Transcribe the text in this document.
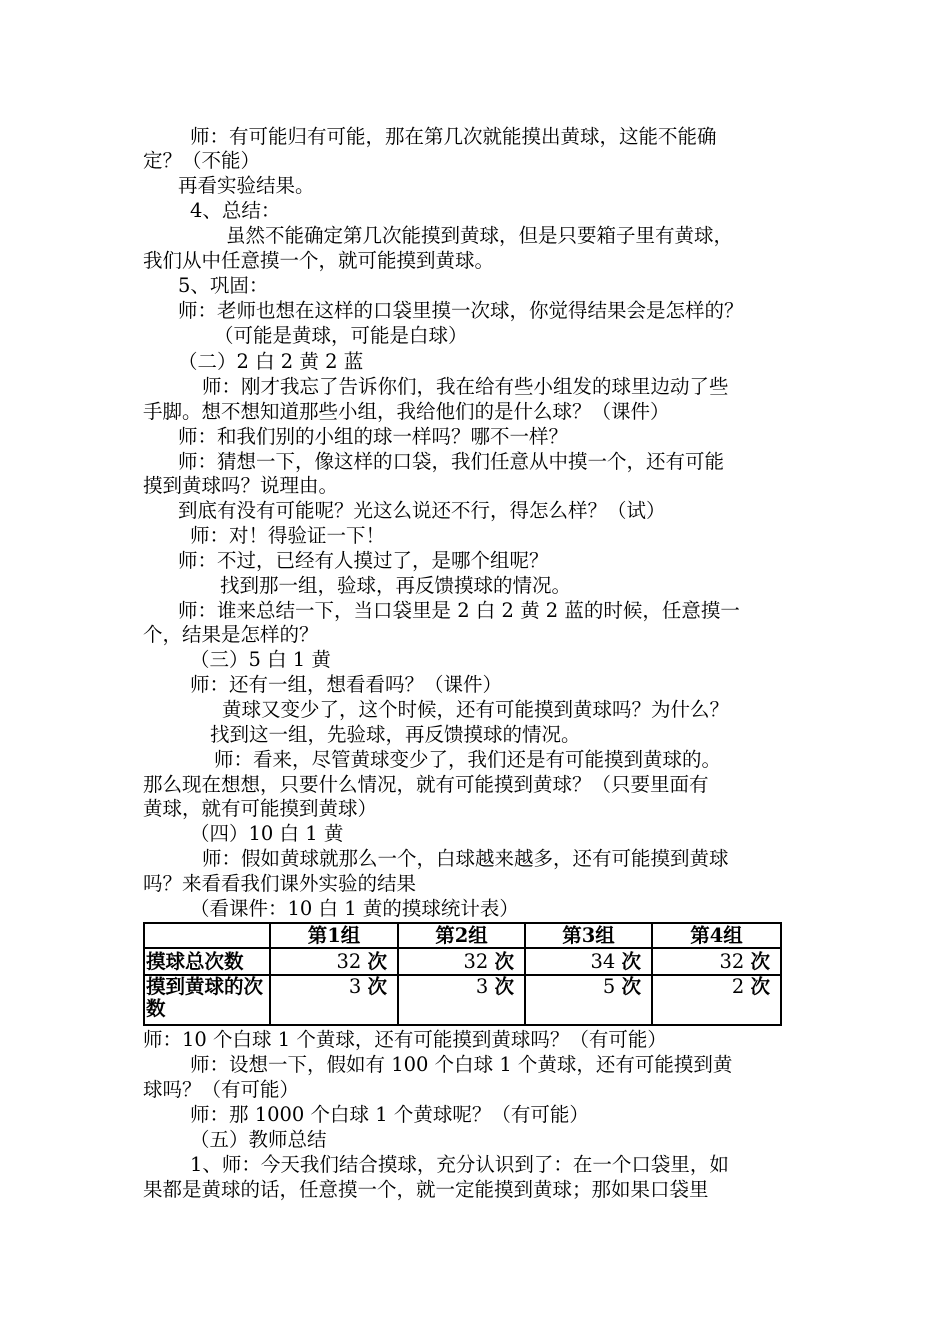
师：有可能归有可能，那在第几次就能摸出黄球，这能不能确
定？（不能）
再看实验结果。
4、总结：
虽然不能确定第几次能摸到黄球，但是只要箱子里有黄球，
我们从中任意摸一个，就可能摸到黄球。
5、巩固：
师：老师也想在这样的口袋里摸一次球，你觉得结果会是怎样的？
（可能是黄球，可能是白球）
（二）2 白 2 黄 2 蓝
师：刚才我忘了告诉你们，我在给有些小组发的球里边动了些
手脚。想不想知道那些小组，我给他们的是什么球？（课件）
师：和我们别的小组的球一样吗？哪不一样？
师：猜想一下，像这样的口袋，我们任意从中摸一个，还有可能
摸到黄球吗？说理由。
到底有没有可能呢？光这么说还不行，得怎么样？（试）
师：对！得验证一下！
师：不过，已经有人摸过了，是哪个组呢？
找到那一组，验球，再反馈摸球的情况。
师：谁来总结一下，当口袋里是 2 白 2 黄 2 蓝的时候，任意摸一
个，结果是怎样的？
（三）5 白 1 黄
师：还有一组，想看看吗？（课件）
黄球又变少了，这个时候，还有可能摸到黄球吗？为什么？
找到这一组，先验球，再反馈摸球的情况。
师：看来，尽管黄球变少了，我们还是有可能摸到黄球的。
那么现在想想，只要什么情况，就有可能摸到黄球？（只要里面有
黄球，就有可能摸到黄球）
（四）10 白 1 黄
师：假如黄球就那么一个，白球越来越多，还有可能摸到黄球
吗？来看看我们课外实验的结果
（看课件：10 白 1 黄的摸球统计表）
	第1组	第2组	第3组	第4组
摸球总次数	32 次	32 次	34 次	32 次
摸到黄球的次数	3 次	3 次	5 次	2 次
师：10 个白球 1 个黄球，还有可能摸到黄球吗？（有可能）
师：设想一下，假如有 100 个白球 1 个黄球，还有可能摸到黄
球吗？（有可能）
师：那 1000 个白球 1 个黄球呢？（有可能）
（五）教师总结
1、师：今天我们结合摸球，充分认识到了：在一个口袋里，如
果都是黄球的话，任意摸一个，就一定能摸到黄球；那如果口袋里
